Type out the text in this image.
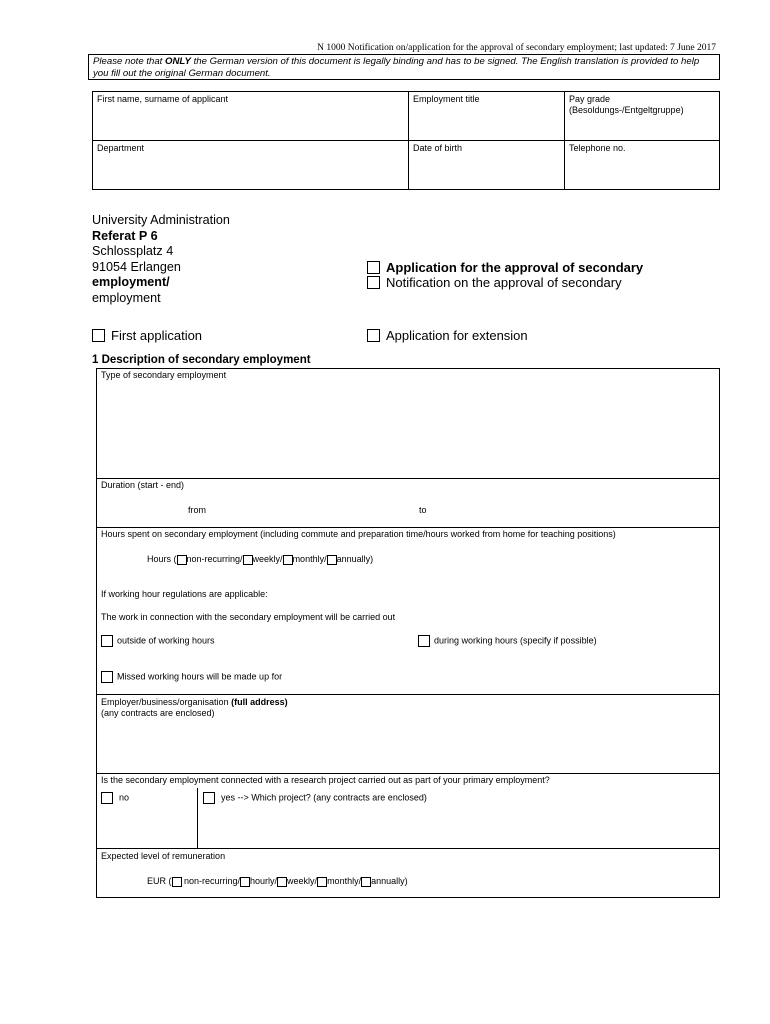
N 1000 Notification on/application for the approval of secondary employment; last updated: 7 June 2017
Please note that ONLY the German version of this document is legally binding and has to be signed. The English translation is provided to help you fill out the original German document.
First name, surname of applicant	Employment title	Pay grade (Besoldungs-/Entgeltgruppe)
Department	Date of birth	Telephone no.
University Administration
Referat P 6
Schlossplatz 4
91054 Erlangen
employment/
employment
Application for the approval of secondary
Notification on the approval of secondary
First application	Application for extension
1 Description of secondary employment
Type of secondary employment
Duration (start - end)
from	to
Hours spent on secondary employment (including commute and preparation time/hours worked from home for teaching positions)
Hours ( non-recurring/ weekly/ monthly/ annually)
If working hour regulations are applicable:
The work in connection with the secondary employment will be carried out
outside of working hours	during working hours (specify if possible)
Missed working hours will be made up for
Employer/business/organisation (full address)
(any contracts are enclosed)
Is the secondary employment connected with a research project carried out as part of your primary employment?
no	yes --> Which project? (any contracts are enclosed)
Expected level of remuneration
EUR ( non-recurring/ hourly/ weekly/ monthly/ annually)
